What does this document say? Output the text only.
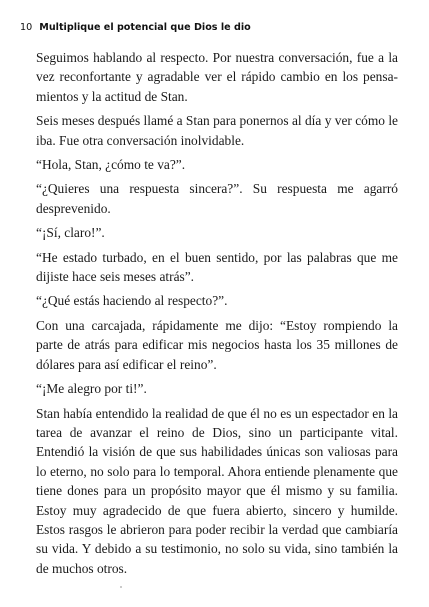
10 Multiplique el potencial que Dios le dio

Seguimos hablando al respecto. Por nuestra conversación, fue a la vez reconfortante y agradable ver el rápido cambio en los pensamientos y la actitud de Stan.

Seis meses después llamé a Stan para ponernos al día y ver cómo le iba. Fue otra conversación inolvidable.

“Hola, Stan, ¿cómo te va?”.

“¿Quieres una respuesta sincera?”. Su respuesta me agarró desprevenido.

“¡Sí, claro!”.

“He estado turbado, en el buen sentido, por las palabras que me dijiste hace seis meses atrás”.

“¿Qué estás haciendo al respecto?”.

Con una carcajada, rápidamente me dijo: “Estoy rompiendo la parte de atrás para edificar mis negocios hasta los 35 millones de dólares para así edificar el reino”.

“¡Me alegro por ti!”.

Stan había entendido la realidad de que él no es un espectador en la tarea de avanzar el reino de Dios, sino un participante vital. Entendió la visión de que sus habilidades únicas son valiosas para lo eterno, no solo para lo temporal. Ahora entiende plenamente que tiene dones para un propósito mayor que él mismo y su familia. Estoy muy agradecido de que fuera abierto, sincero y humilde. Estos rasgos le abrieron para poder recibir la verdad que cambiaría su vida. Y debido a su testimonio, no solo su vida, sino también la de muchos otros.
